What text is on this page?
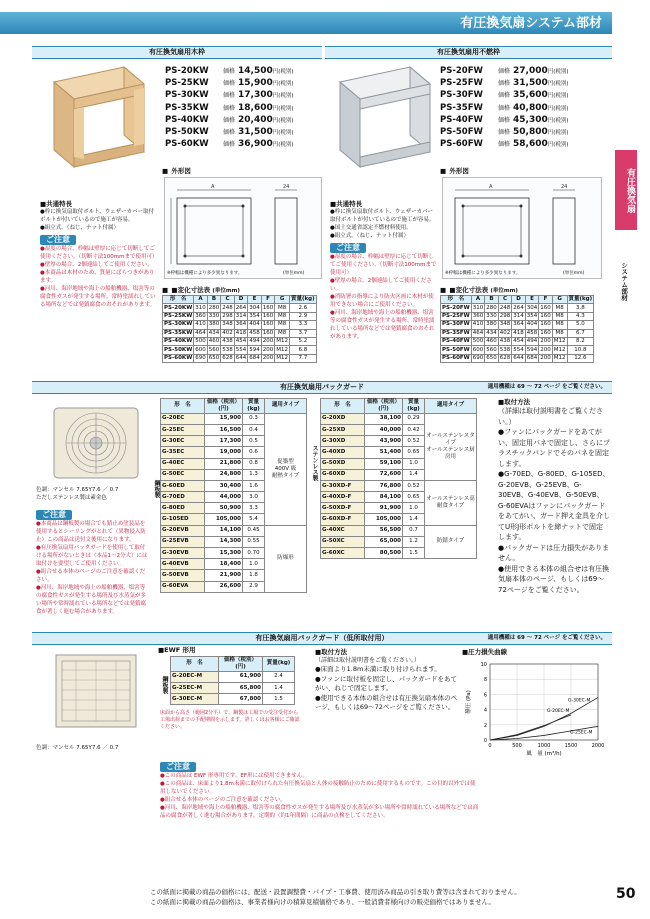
有圧換気扇システム部材
有圧換気扇
システム部材
有圧換気扇用木枠
PS-20KW 価格 14,500円(税別)
PS-25KW 価格 15,900円(税別)
PS-30KW 価格 17,300円(税別)
PS-35KW 価格 18,600円(税別)
PS-40KW 価格 20,400円(税別)
PS-50KW 価格 31,500円(税別)
PS-60KW 価格 36,900円(税別)
■ 外形図
A	24
※枠幅は機種により多少異なります。	(単位mm)
■共通特長
●枠に換気扇取付ボルト、ウェザーカバー取付ボルトが付いているので施工が容易。
●組立式。（ねじ、ナット付属）
ご注意
●湿度の場合、枠幅は壁厚に応じて切断してご使用ください。（切断寸法100mmまで使用可）
●壁厚の場合、2個連結してご使用ください。
●本商品は木材のため、質量にばらつきがあります。
●河川、海岸地域や海上の船舶機器、塩害等の腐食性ガスが発生する場所、常時塗濡れしている場所などでは発錆腐食のおそれがあります。
■ ■変化寸法表 (単位mm)
形　名	A	B	C	D	E	F	G	質量(kg)
PS-20KW	310	280	248	264	304	160	M8	2.6
PS-25KW	360	330	298	314	354	160	M8	2.9
PS-30KW	410	380	348	364	404	160	M8	3.3
PS-35KW	464	434	402	418	458	160	M8	3.7
PS-40KW	500	460	438	454	494	200	M12	5.2
PS-50KW	600	560	538	554	594	200	M12	6.8
PS-60KW	690	650	628	644	684	200	M12	7.7
有圧換気扇用不燃枠
PS-20FW	価格 27,000円(税別)
PS-25FW	価格 31,500円(税別)
PS-30FW	価格 35,600円(税別)
PS-35FW	価格 40,800円(税別)
PS-40FW	価格 45,300円(税別)
PS-50FW	価格 50,800円(税別)
PS-60FW	価格 58,600円(税別)
■ 外形図
A	24
※枠幅は機種により多少異なります。	(単位mm)
■共通特長
●枠に換気扇取付ボルト、ウェザーカバー取付ボルトが付いているので施工が容易。
●国土交通省認定不燃材料使用。
●組立式。（ねじ、ナット付属）
ご注意
●湿度の場合、枠幅は壁厚に応じて切断してご使用ください。（切断寸法100mmまで使用可）
●壁厚の場合、2個連結してご使用ください。
●消防署の指導により防火区画に木材が使用できない場合にご使用ください。
●河川、海岸地域や海上の船舶機器、塩害等の腐食性ガスが発生する場所、常時塗濡れしている場所などでは発錆腐食のおそれがあります。
■ ■変化寸法表 (単位mm)
形　名	A	B	C	D	E	F	G	質量(kg)
PS-20FW	310	280	248	264	304	160	M8	3.8
PS-25FW	360	330	298	314	354	160	M8	4.3
PS-30FW	410	380	348	364	404	160	M8	5.0
PS-35FW	464	434	402	418	458	160	M8	6.7
PS-40FW	500	460	438	454	494	200	M12	8.2
PS-50FW	600	560	538	554	594	200	M12	10.8
PS-60FW	690	650	628	644	684	200	M12	12.6
有圧換気扇用パックガード	適用機種は 69 〜 72 ページ をご覧ください。
色調：マンセル 7.65Y7.6 ／ 0.7
ただしステンレス製は素金色
ご注意
●本商品は鋼板製の場合でも錆止め塗装品を使用するとシーリングがとれて（異物侵入防止）この商品は送付文後用になります。
●有圧換気扇用パックガードを使用して取付ける場所がないときは（本品1〜2分大）には取付けを要望してご使用ください。
●組合せる本体のページのご注意を確認ください。
●河川、海岸地域や海上の船舶機器、塩害等の腐食性ガスが発生する場所及び水蒸気が多い場所や常時濡れている場所などでは発錆腐食が著しく進む場合があります。
鋼板製
形　名	価格（税別）(円)	質量(kg)	適用タイプ
G-20EC	15,900	0.3	促築型
400V 級
耐熱タイプ
G-25EC	16,500	0.4	
G-30EC	17,300	0.5	
G-35EC	19,000	0.6	
G-40EC	21,800	0.8	
G-50EC	24,800	1.3	
G-60ED	30,400	1.6	
G-70ED	44,000	3.0	
G-80ED	50,900	3.3	
G-105ED	105,000	5.4	
G-20EVB	14,100	0.45	防爆形
G-25EVB	14,300	0.55	
G-30EVB	15,300	0.70	
G-40EVB	18,400	1.0	
G-50EVB	21,900	1.8	
G-60EVA	26,600	2.9	
ステンレス製
形　名	価格（税別）(円)	質量(kg)	適用タイプ
G-20XD	38,100	0.29	オールステンレスタイプ
オールステンレス厨房用
G-25XD	40,000	0.42	
G-30XD	43,900	0.52	
G-40XD	51,400	0.65	
G-50XD	59,100	1.0	
G-60XD	72,600	1.4	
G-30XD-F	76,800	0.52	オールステンレス高耐食タイプ
G-40XD-F	84,100	0.65	
G-50XD-F	91,900	1.0	
G-60XD-F	105,000	1.4	
G-40XC	56,500	0.7	防錆タイプ
G-50XC	65,000	1.2	
G-60XC	80,500	1.5	
■取付方法
（詳細は取付説明書をご覧ください。）
●ファンにパックガードをあてがい、固定用パネで固定し、さらにプラスチックバンドでそのパネを固定します。
●G-70ED、G-80ED、G-105ED、G-20EVB、G-25EVB、G-30EVB、G-40EVB、G-50EVB、G-60EVAはファンにパックガードをあてがい、ガード押え金具を介してU形J形ボルトを締ナットで固定します。
●パックガードは圧力損失がありません。
●使用できる本体の組合せは有圧換気扇本体のページ、もしくは69〜72ページをご覧ください。
有圧換気扇用パックガード（低所取付用）	適用機種は 69 〜 72 ページ をご覧ください。
色調：マンセル 7.65Y7.6 ／ 0.7
■EWF 形用
鋼板製
形　名	価格（税別）(円)	質量(kg)
G-20EC-M	61,900	2.4
G-25EC-M	65,800	1.4
G-30EC-M	67,800	1.5
床面から高さ（範囲2分平）で、鋼製は工場での受注受付から工場出荷までの手配期間を示します。詳しくはお客様にご確認ください。
■取付方法
（詳細は取付説明書をご覧ください。）
●床面より1.8m未満に取り付けられます。
●ファンに取付板を固定し、パックガードをあてがい、ねじで固定します。
●使用できる本体の組合せは有圧換気扇本体のページ、もしくは69〜72ページをご覧ください。
ご注意
●この商品は EWF 形専用です。EF形には使用できません。
●この商品は、床面より1.8m未満に取付けられた有圧換気扇と人体の接触防止のために使用するものです。この目的以外では使用しないでください。
●組合せる本体のページのご注意を確認ください。
●河川、海岸地域や海上の船舶機器、塩害等の腐食性ガスが発生する場所及び水蒸気が多い場所や常時濡れている場所などでは商品の腐食が著しく進む場合があります。定期的（約1年間隔）に商品の点検をしてください。
■圧力損失曲線
0
2
4
6
8
10
0	500	1000	1500	2000
G-30EC-M
G-20EC-M
G-25EC-M
風　量 (m³/h)
静圧 (Pa)
この紙面に掲載の商品の価格には、配送・設置調整費・パイプ・工事費、使用済み商品の引き取り費等は含まれておりません。
この紙面に掲載の商品の価格は、事業者様向けの積算見積価格であり、一般消費者様向けの販売価格ではありません。	50
